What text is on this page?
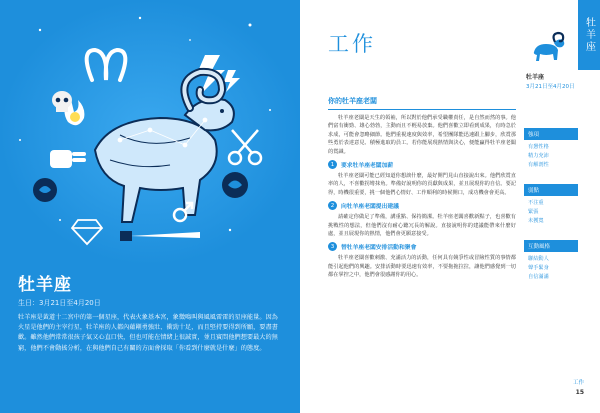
牡羊座
生日：3月21日至4月20日
牡羊座是黃道十二宮中的第一個星座，代表火象基本宮，象徵鳴叫與風風雷雷的星座能量。因為火星是他們的主宰行星，牡羊座的人都內蘊剛勇強壯、衝勁十足，而且堅持要得到所願，要盡書歡。雖然他們常常很孩子氣又心直口快，但也可能在情緒上很誠實，並且賓問他們想要最大的無窮，他們不會動搖分析，在與他們自己有關的方面會採取「你看到什麼就是什麼」的態度。
工作	牡羊座
牡羊座
3月21日至4月20日
你的牡羊座老闆

牡羊座老闆是天生的領袖，所以對於他們承受職權責任，是自然而然的事。他們富有衝勁、雄心勃勃，主動而且不輕易放棄。他們喜歡立即看到成果，有時急於求成，可能會忽略細節。他們重視速度與效率，希望團隊能迅速跟上腳步，欣賞那些勇於表達意見、積極進取的員工。若你能展現熱情與決心，便能贏得牡羊座老闆的賞識。

1	要求牡羊座老闆加薪

牡羊座老闆可能已經知道你想談什麼，最好開門見山直接說出來。他們欣賞直率的人，不喜歡拐彎抹角。準備好說明你的貢獻與成果，並且展現你的自信。要記得，時機很重要，挑一個他們心情好、工作順利的時候開口，成功機會會更高。

2	向牡羊座老闆提出建議

請確定你做足了準備，講重點、保持簡潔。牡羊座老闆喜歡新點子，也喜歡有挑戰性的想法，但他們沒有耐心聽冗長的解說。直接說明你的建議能帶來什麼好處，並且展現你的熱情，他們會更願意接受。

3	替牡羊座老闆安排活動和聚會

牡羊座老闆喜歡刺激、充滿活力的活動，任何具有競爭性或冒險性質的事情都能引起他們的興趣。安排活動時要迅速有效率，不要拖拖拉拉，讓他們感覺到一切都在掌控之中，他們會很感謝你的用心。

強項
有懇性格
精力充沛
有解剖性
弱點
不注重
緊張
未獲寬
互動風格
聯結動人
聲手緊身
自信滿滿
工作
15
